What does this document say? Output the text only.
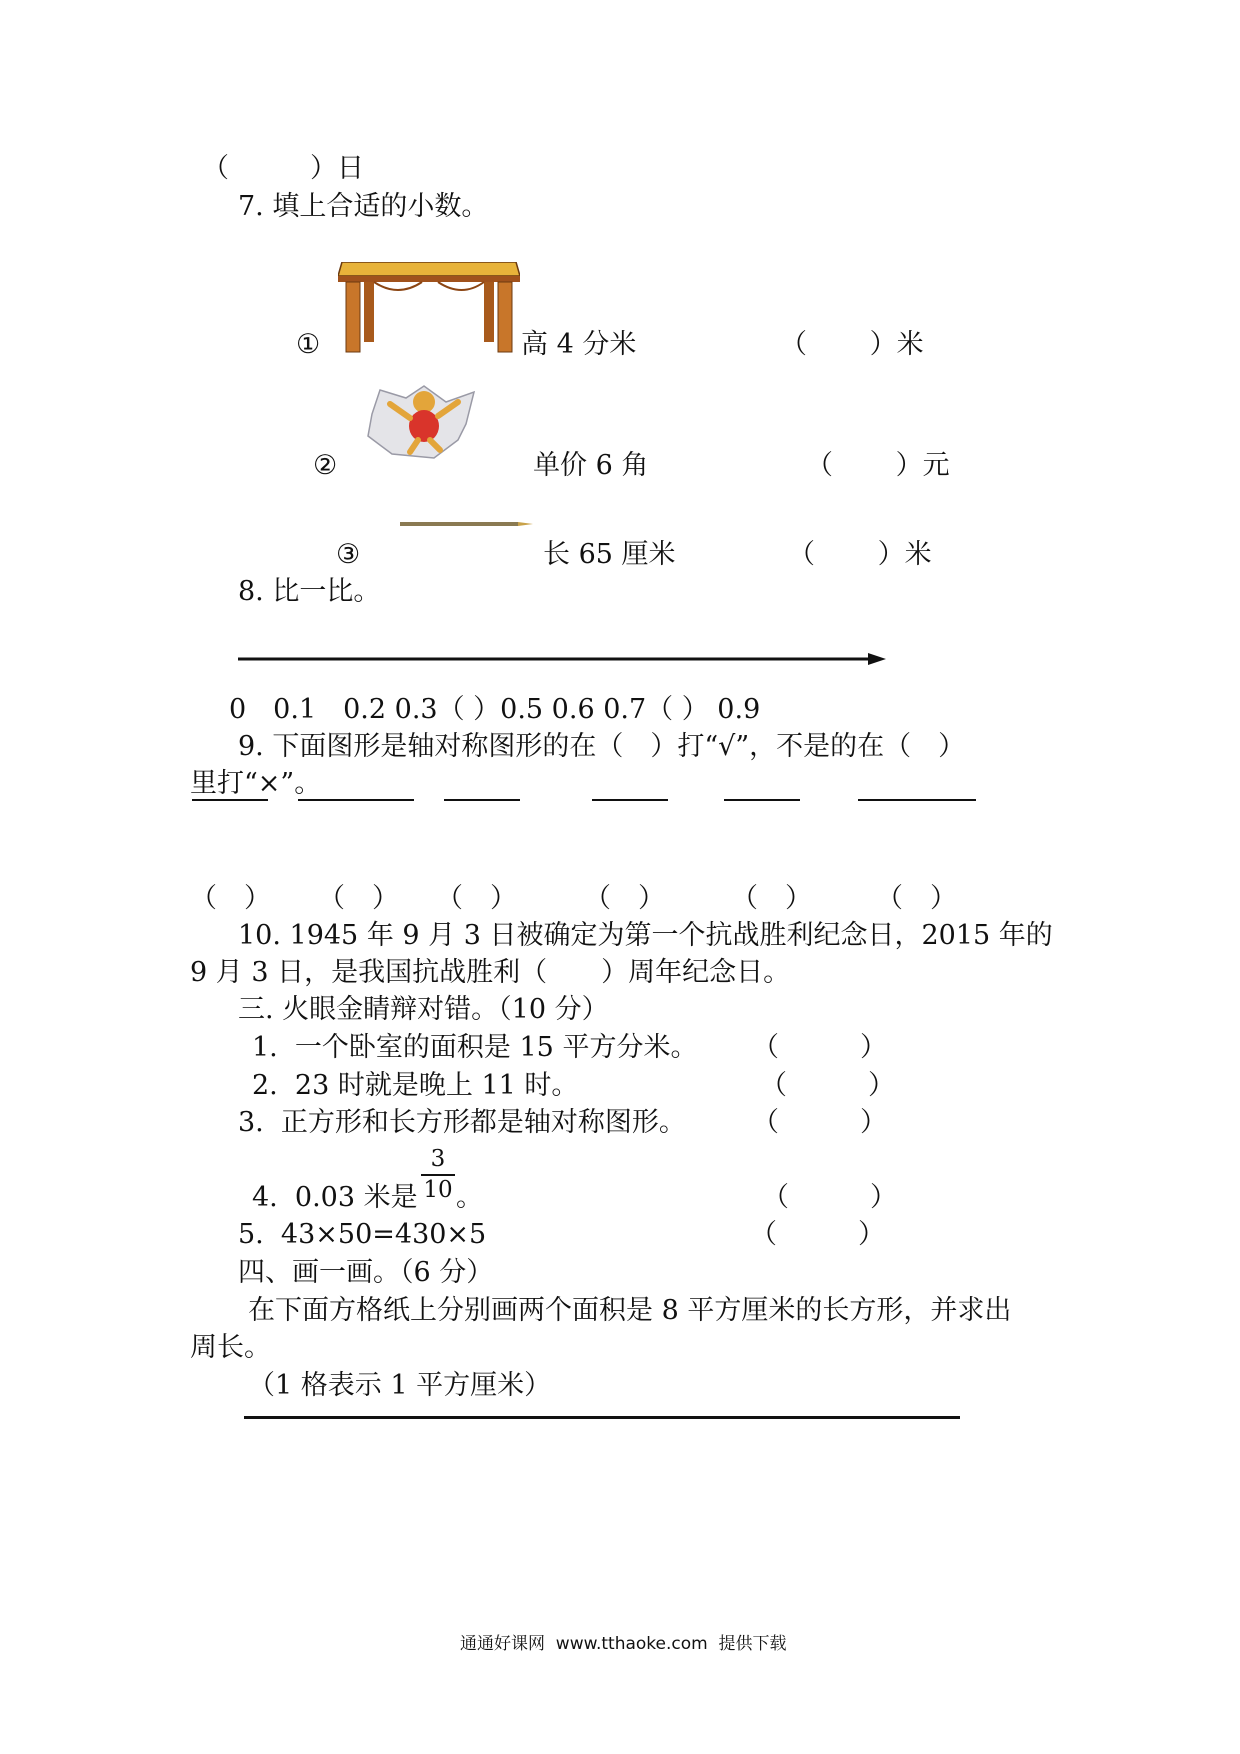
（　　　）日
7. 填上合适的小数。
①	高 4 分米	（　　 ）米
②	单价 6 角	（　　 ）元
③	长 65 厘米	（　　 ）米
8. 比一比。
0　0.1　0.2 0.3（ ）0.5 0.6 0.7（ ） 0.9
9. 下面图形是轴对称图形的在（　）打“√”，不是的在（　）
里打“×”。
（　） （　） （　） （　） （　） （　）
10. 1945 年 9 月 3 日被确定为第一个抗战胜利纪念日，2015 年的
9 月 3 日，是我国抗战胜利（　　）周年纪念日。
三. 火眼金睛辩对错。（10 分）
1.  一个卧室的面积是 15 平方分米。 （　　　）
2.  23 时就是晚上 11 时。	（　　　）
3.  正方形和长方形都是轴对称图形。 （　　　）
4.  0.03 米是
3
10 。	（　　　）
5.  43×50=430×5	（　　　）
四、画一画。（6 分）
在下面方格纸上分别画两个面积是 8 平方厘米的长方形，并求出
周长。
（1 格表示 1 平方厘米）
通通好课网  www.tthaoke.com  提供下载
